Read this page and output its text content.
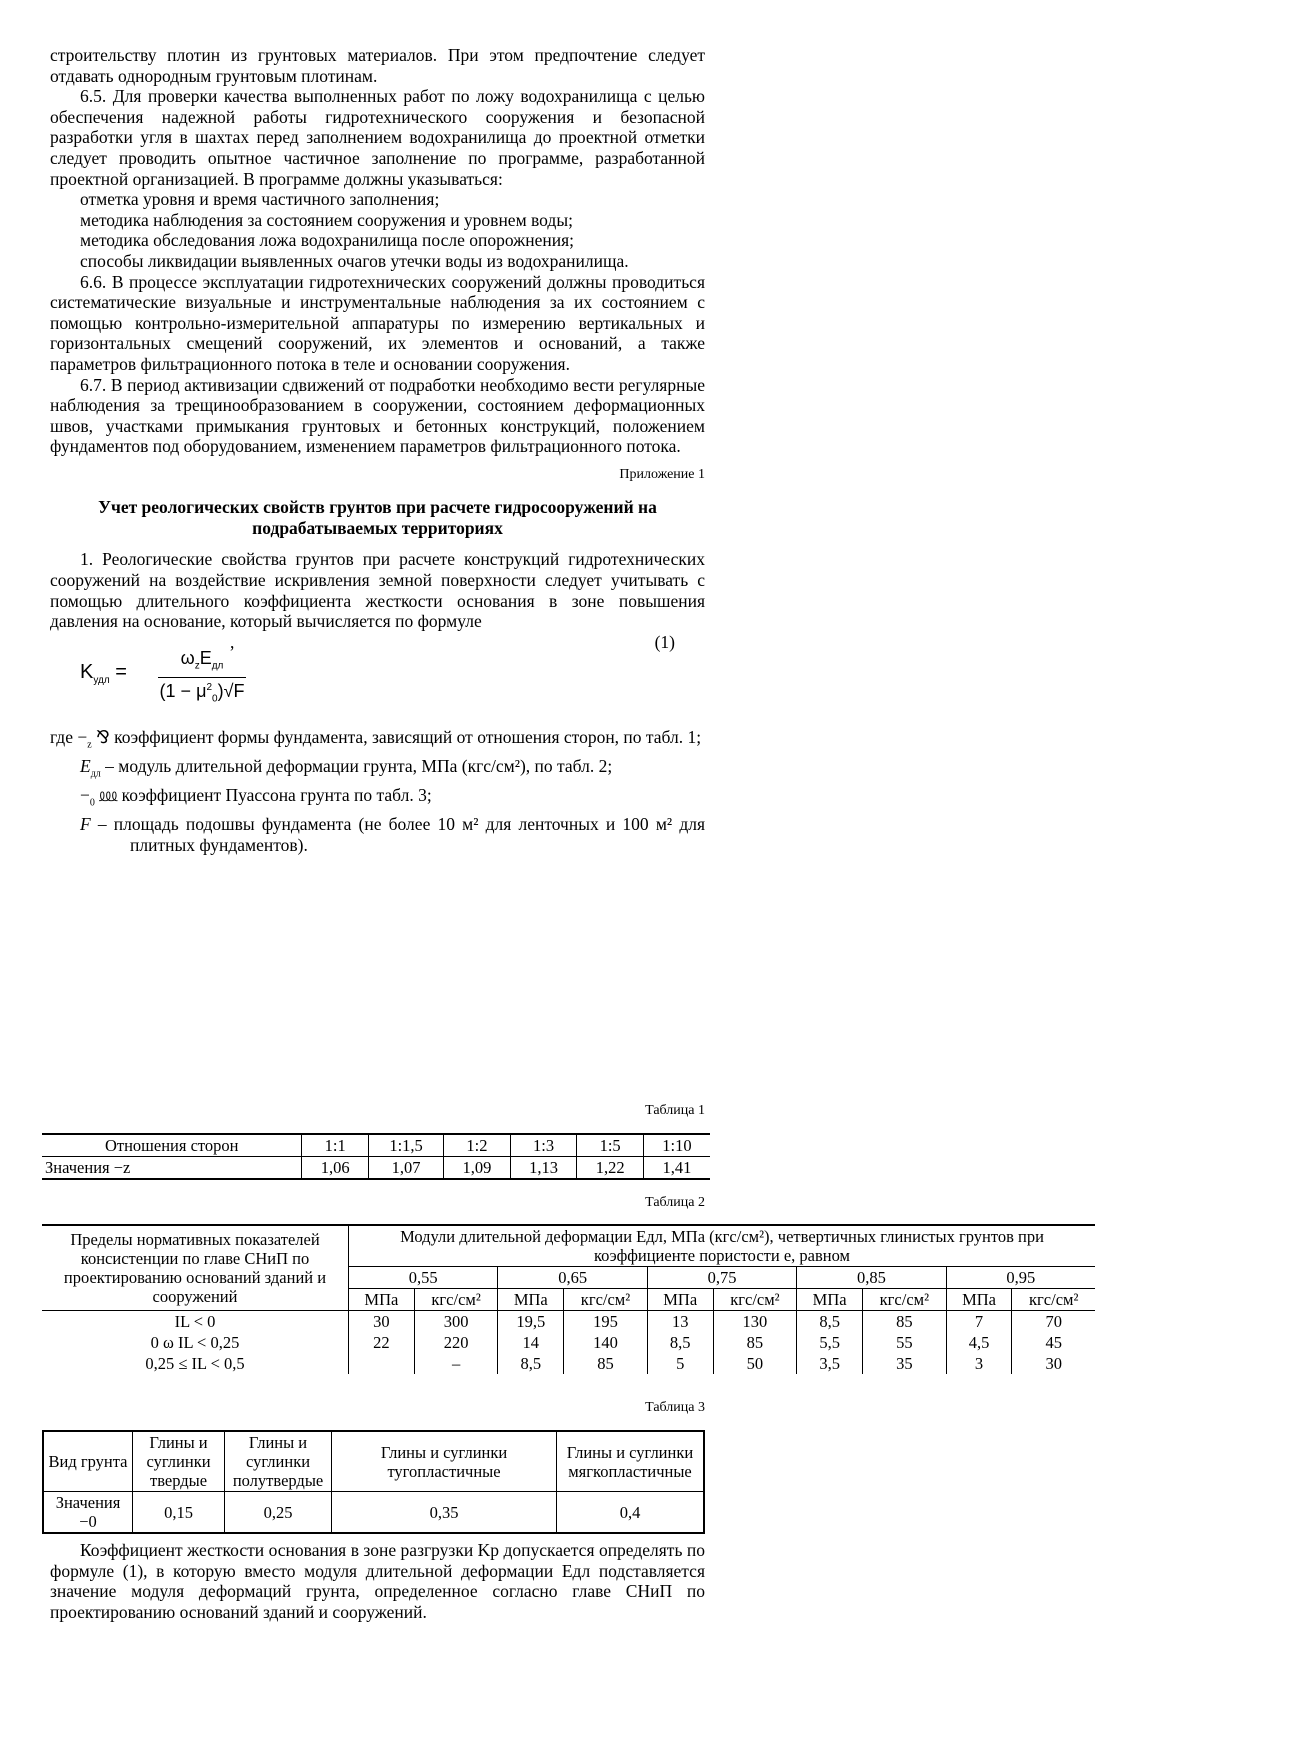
строительству плотин из грунтовых материалов. При этом предпочтение следует отдавать однородным грунтовым плотинам.

6.5. Для проверки качества выполненных работ по ложу водохранилища с целью обеспечения надежной работы гидротехнического сооружения и безопасной разработки угля в шахтах перед заполнением водохранилища до проектной отметки следует проводить опытное частичное заполнение по программе, разработанной проектной организацией. В программе должны указываться:

отметка уровня и время частичного заполнения;

методика наблюдения за состоянием сооружения и уровнем воды;

методика обследования ложа водохранилища после опорожнения;

способы ликвидации выявленных очагов утечки воды из водохранилища.

6.6. В процессе эксплуатации гидротехнических сооружений должны проводиться систематические визуальные и инструментальные наблюдения за их состоянием с помощью контрольно-измерительной аппаратуры по измерению вертикальных и горизонтальных смещений сооружений, их элементов и оснований, а также параметров фильтрационного потока в теле и основании сооружения.

6.7. В период активизации сдвижений от подработки необходимо вести регулярные наблюдения за трещинообразованием в сооружении, состоянием деформационных швов, участками примыкания грунтовых и бетонных конструкций, положением фундаментов под оборудованием, изменением параметров фильтрационного потока.

Приложение 1

Учет реологических свойств грунтов при расчете гидросооружений на подрабатываемых территориях

1. Реологические свойства грунтов при расчете конструкций гидротехнических сооружений на воздействие искривления земной поверхности следует учитывать с помощью длительного коэффициента жесткости основания в зоне повышения давления на основание, который вычисляется по формуле

,	(1)
$K_{удл}$ =
$\omega_zE_{дл}$
$(1 - \mu^2_0)√F$

где $-_z$ ⅋ коэффициент формы фундамента, зависящий от отношения сторон, по табл. 1;

$E_{дл}$ – модуль длительной деформации грунта, МПа (кгс/см²), по табл. 2;

$-_0$ ⅏ коэффициент Пуассона грунта по табл. 3;

F – площадь подошвы фундамента (не более 10 м² для ленточных и 100 м² для плитных фундаментов).

Таблица 1
Отношения сторон	1:1	1:1,5	1:2	1:3	1:5	1:10
Значения −z	1,06	1,07	1,09	1,13	1,22	1,41
Таблица 2
Пределы нормативных показателей консистенции по главе СНиП по проектированию оснований зданий и сооружений	Модули длительной деформации Eдл, МПа (кгс/см²), четвертичных глинистых грунтов при коэффициенте пористости e, равном									
	0,55		0,65		0,75		0,85		0,95	
	МПа	кгс/см²	МПа	кгс/см²	МПа	кгс/см²	МПа	кгс/см²	МПа	кгс/см²
IL < 0	30	300	19,5	195	13	130	8,5	85	7	70
0 ω IL < 0,25	22	220	14	140	8,5	85	5,5	55	4,5	45
0,25 ≤ IL < 0,5		–	8,5	85	5	50	3,5	35	3	30
Таблица 3
Вид грунта	Глины и суглинки твердые	Глины и суглинки полутвердые	Глины и суглинки тугопластичные	Глины и суглинки мягкопластичные
Значения −0	0,15	0,25	0,35	0,4

Коэффициент жесткости основания в зоне разгрузки Kр допускается определять по формуле (1), в которую вместо модуля длительной деформации Eдл подставляется значение модуля деформаций грунта, определенное согласно главе СНиП по проектированию оснований зданий и сооружений.
